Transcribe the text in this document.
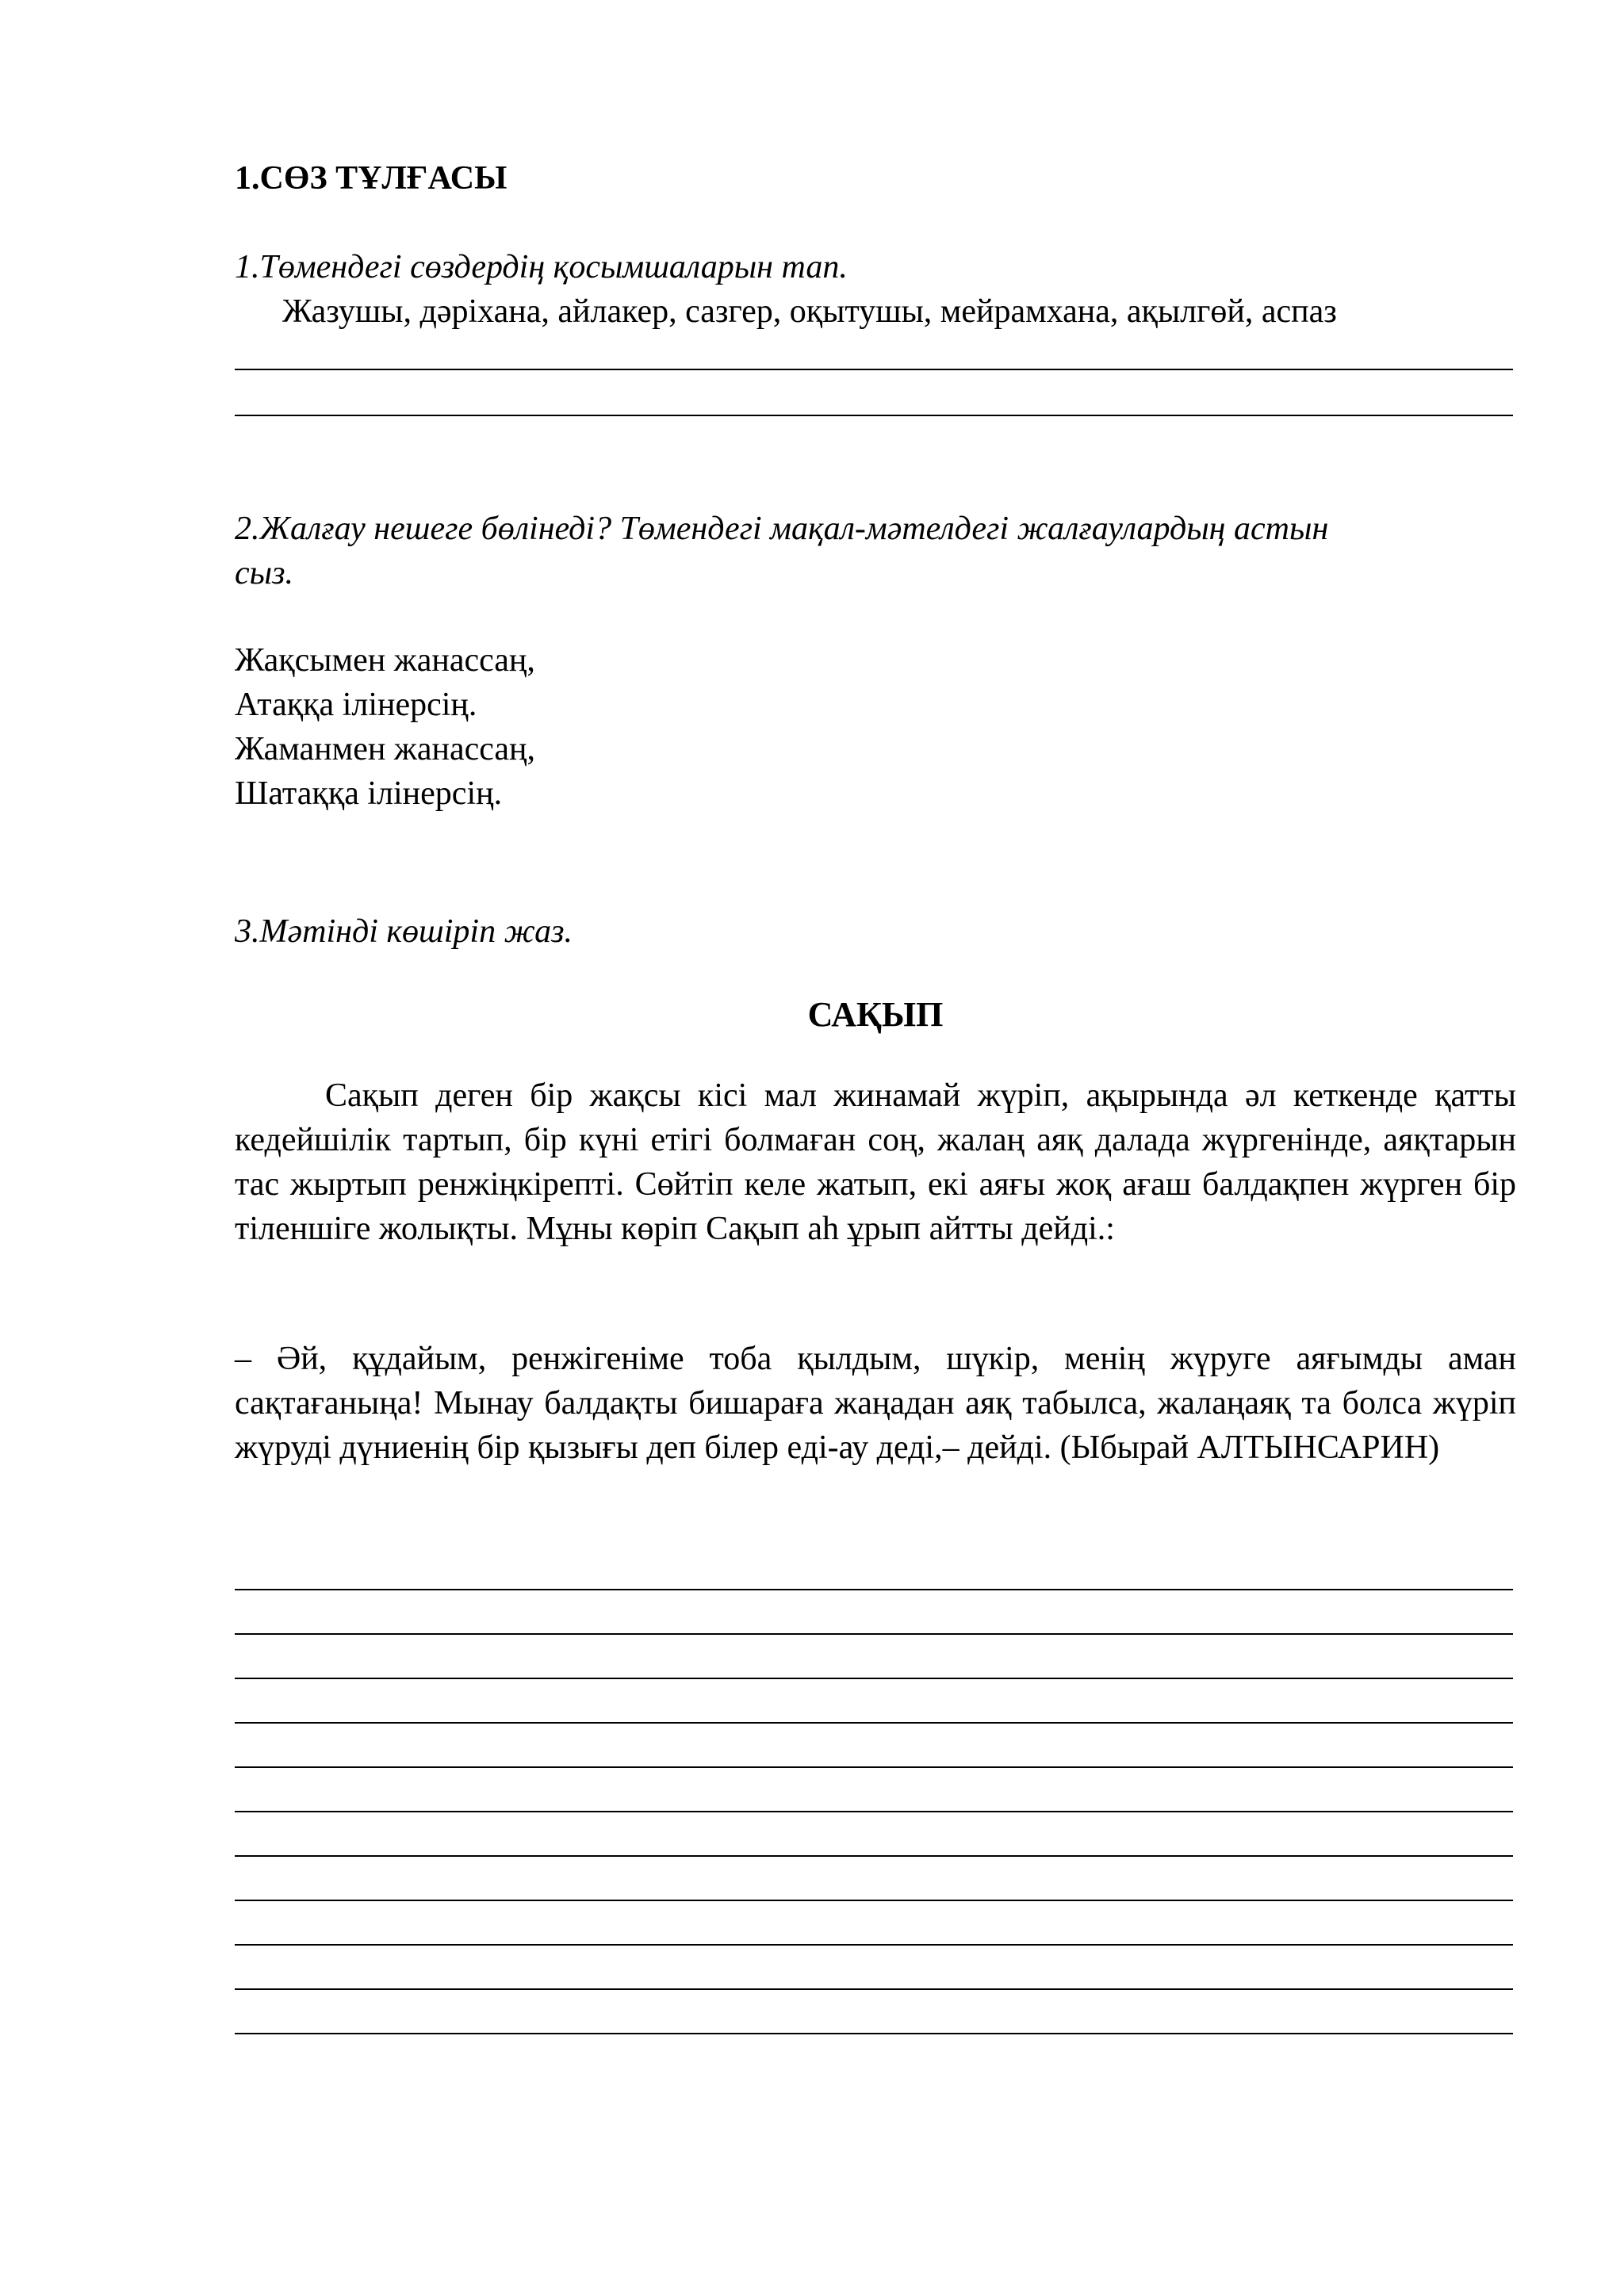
1.СӨЗ ТҰЛҒАСЫ

1.Төмендегі сөздердің қосымшаларын тап.

Жазушы, дәріхана, айлакер, сазгер, оқытушы, мейрамхана, ақылгөй, аспаз

2.Жалғау нешеге бөлінеді? Төмендегі мақал-мәтелдегі жалғаулардың астын

сыз.

Жақсымен жанассаң,

Атаққа ілінерсің.

Жаманмен жанассаң,

Шатаққа ілінерсің.

3.Мәтінді көшіріп жаз.

САҚЫП

Сақып деген бір жақсы кісі мал жинамай жүріп, ақырында әл кеткенде қатты кедейшілік тартып, бір күні етігі болмаған соң, жалаң аяқ далада жүргенінде, аяқтарын тас жыртып ренжіңкірепті. Сөйтіп келе жатып, екі аяғы жоқ ағаш балдақпен жүрген бір тіленшіге жолықты. Мұны көріп Сақып аһ ұрып айтты дейді.:

– Әй, құдайым, ренжігеніме тоба қылдым, шүкір, менің жүруге аяғымды аман сақтағаныңа! Мынау балдақты бишараға жаңадан аяқ табылса, жалаңаяқ та болса жүріп жүруді дүниенің бір қызығы деп білер еді-ау деді,– дейді. (Ыбырай АЛТЫНСАРИН)
